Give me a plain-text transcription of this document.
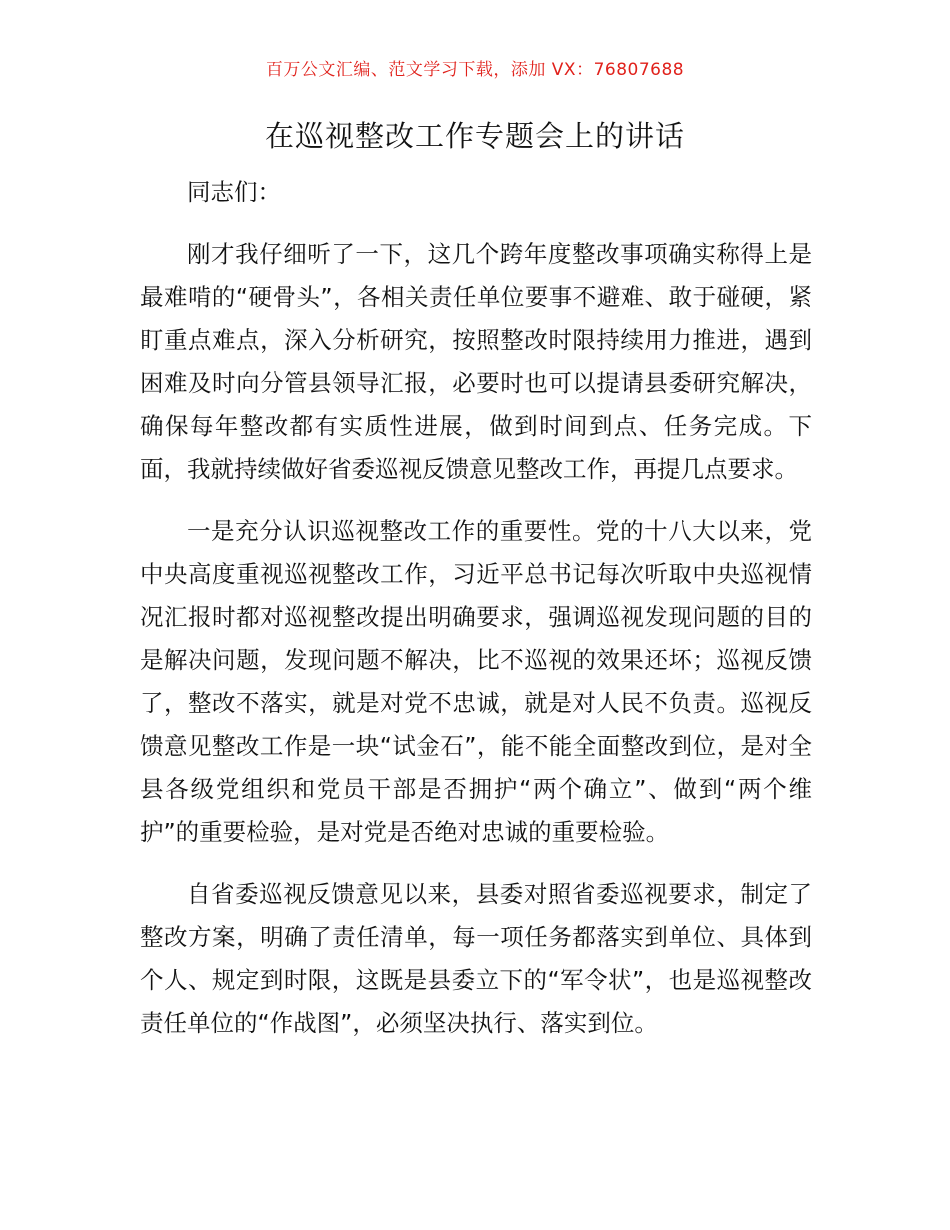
百万公文汇编、范文学习下载，添加 VX：76807688
在巡视整改工作专题会上的讲话

同志们：

刚才我仔细听了一下，这几个跨年度整改事项确实称得上是最难啃的“硬骨头”，各相关责任单位要事不避难、敢于碰硬，紧盯重点难点，深入分析研究，按照整改时限持续用力推进，遇到困难及时向分管县领导汇报，必要时也可以提请县委研究解决，确保每年整改都有实质性进展，做到时间到点、任务完成。下面，我就持续做好省委巡视反馈意见整改工作，再提几点要求。

一是充分认识巡视整改工作的重要性。党的十八大以来，党中央高度重视巡视整改工作，习近平总书记每次听取中央巡视情况汇报时都对巡视整改提出明确要求，强调巡视发现问题的目的是解决问题，发现问题不解决，比不巡视的效果还坏；巡视反馈了，整改不落实，就是对党不忠诚，就是对人民不负责。巡视反馈意见整改工作是一块“试金石”，能不能全面整改到位，是对全县各级党组织和党员干部是否拥护“两个确立”、做到“两个维护”的重要检验，是对党是否绝对忠诚的重要检验。

自省委巡视反馈意见以来，县委对照省委巡视要求，制定了整改方案，明确了责任清单，每一项任务都落实到单位、具体到个人、规定到时限，这既是县委立下的“军令状”，也是巡视整改责任单位的“作战图”，必须坚决执行、落实到位。
